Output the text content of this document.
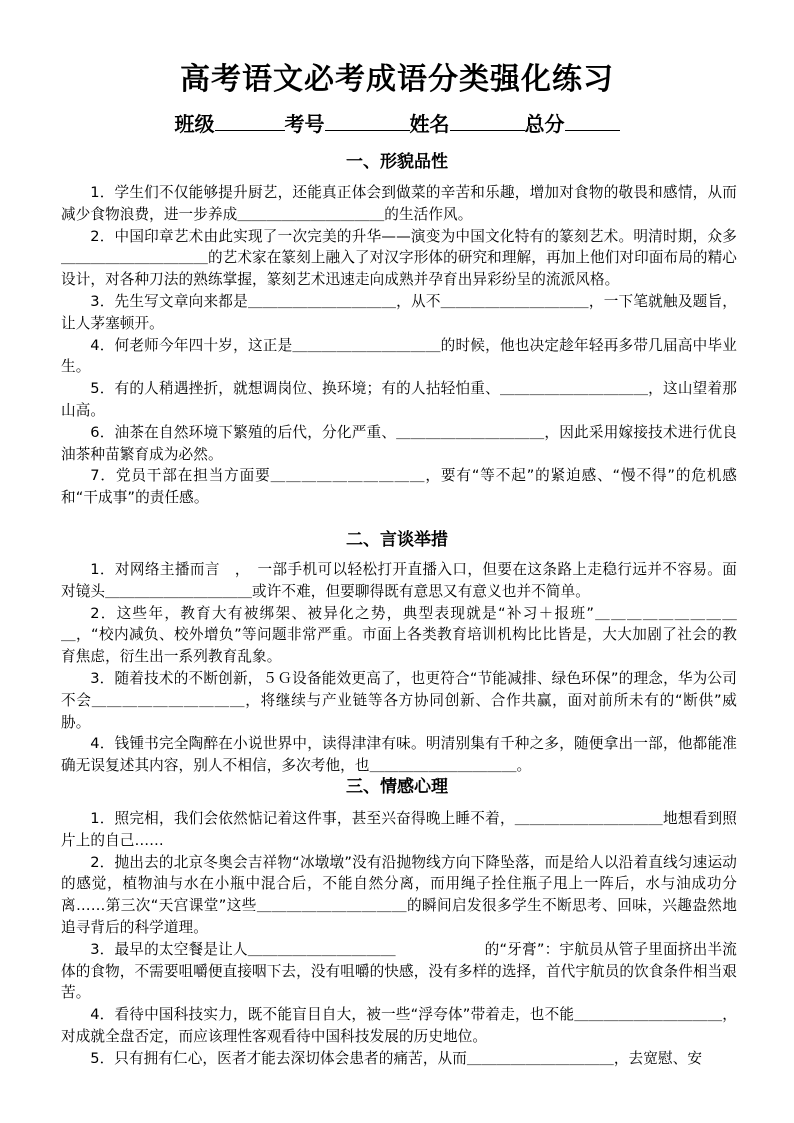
高考语文必考成语分类强化练习
班级	考号	姓名	总分
一、形貌品性

1．学生们不仅能够提升厨艺，还能真正体会到做菜的辛苦和乐趣，增加对食物的敬畏和感情，从而减少食物浪费，进一步养成＿＿＿＿＿＿＿＿＿＿的生活作风。

2．中国印章艺术由此实现了一次完美的升华——演变为中国文化特有的篆刻艺术。明清时期，众多　　　＿＿＿＿＿＿＿＿＿＿的艺术家在篆刻上融入了对汉字形体的研究和理解，再加上他们对印面布局的精心设计，对各种刀法的熟练掌握，篆刻艺术迅速走向成熟并孕育出异彩纷呈的流派风格。

3．先生写文章向来都是＿＿＿＿＿＿＿＿＿＿，从不＿＿＿＿＿＿＿＿＿＿，一下笔就触及题旨，让人茅塞顿开。

4．何老师今年四十岁，这正是＿＿＿＿＿＿＿＿＿＿的时候，他也决定趁年轻再多带几届高中毕业生。

5．有的人稍遇挫折，就想调岗位、换环境；有的人拈轻怕重、＿＿＿＿＿＿＿＿＿＿，这山望着那山高。

6．油茶在自然环境下繁殖的后代，分化严重、＿＿＿＿＿＿＿＿＿＿，因此采用嫁接技术进行优良油茶种苗繁育成为必然。

7．党员干部在担当方面要＿＿＿＿＿＿＿＿＿＿，要有“等不起”的紧迫感、“慢不得”的危机感和“干成事”的责任感。

二、言谈举措

1．对网络主播而言　，　一部手机可以轻松打开直播入口，但要在这条路上走稳行远并不容易。面对镜头＿＿＿＿＿＿＿＿＿＿或许不难，但要聊得既有意思又有意义也并不简单。

2．这些年，教育大有被绑架、被异化之势，典型表现就是“补习＋报班”＿＿＿＿＿＿＿＿＿＿，“校内减负、校外增负”等问题非常严重。市面上各类教育培训机构比比皆是，大大加剧了社会的教育焦虑，衍生出一系列教育乱象。

3．随着技术的不断创新，５Ｇ设备能效更高了，也更符合“节能减排、绿色环保”的理念，华为公司不会＿＿＿＿＿＿＿＿＿＿，将继续与产业链等各方协同创新、合作共赢，面对前所未有的“断供”威胁。

4．钱锺书完全陶醉在小说世界中，读得津津有味。明清别集有千种之多，随便拿出一部，他都能准确无误复述其内容，别人不相信，多次考他，也＿＿＿＿＿＿＿＿＿＿。

三、情感心理

1．照完相，我们会依然惦记着这件事，甚至兴奋得晚上睡不着，＿＿＿＿＿＿＿＿＿＿地想看到照片上的自己……

2．抛出去的北京冬奥会吉祥物“冰墩墩”没有沿抛物线方向下降坠落，而是给人以沿着直线匀速运动的感觉，植物油与水在小瓶中混合后，不能自然分离，而用绳子拴住瓶子甩上一阵后，水与油成功分离……第三次“天宫课堂”这些＿＿＿＿＿＿＿＿＿＿的瞬间启发很多学生不断思考、回味，兴趣盎然地追寻背后的科学道理。

3．最早的太空餐是让人＿＿＿＿＿＿＿＿＿＿　　　　　　的“牙膏”：宇航员从管子里面挤出半流体的食物，不需要咀嚼便直接咽下去，没有咀嚼的快感，没有多样的选择，首代宇航员的饮食条件相当艰苦。

4．看待中国科技实力，既不能盲目自大，被一些“浮夸体”带着走，也不能＿＿＿＿＿＿＿＿＿＿，对成就全盘否定，而应该理性客观看待中国科技发展的历史地位。

5．只有拥有仁心，医者才能去深切体会患者的痛苦，从而＿＿＿＿＿＿＿＿＿＿，去宽慰、安
